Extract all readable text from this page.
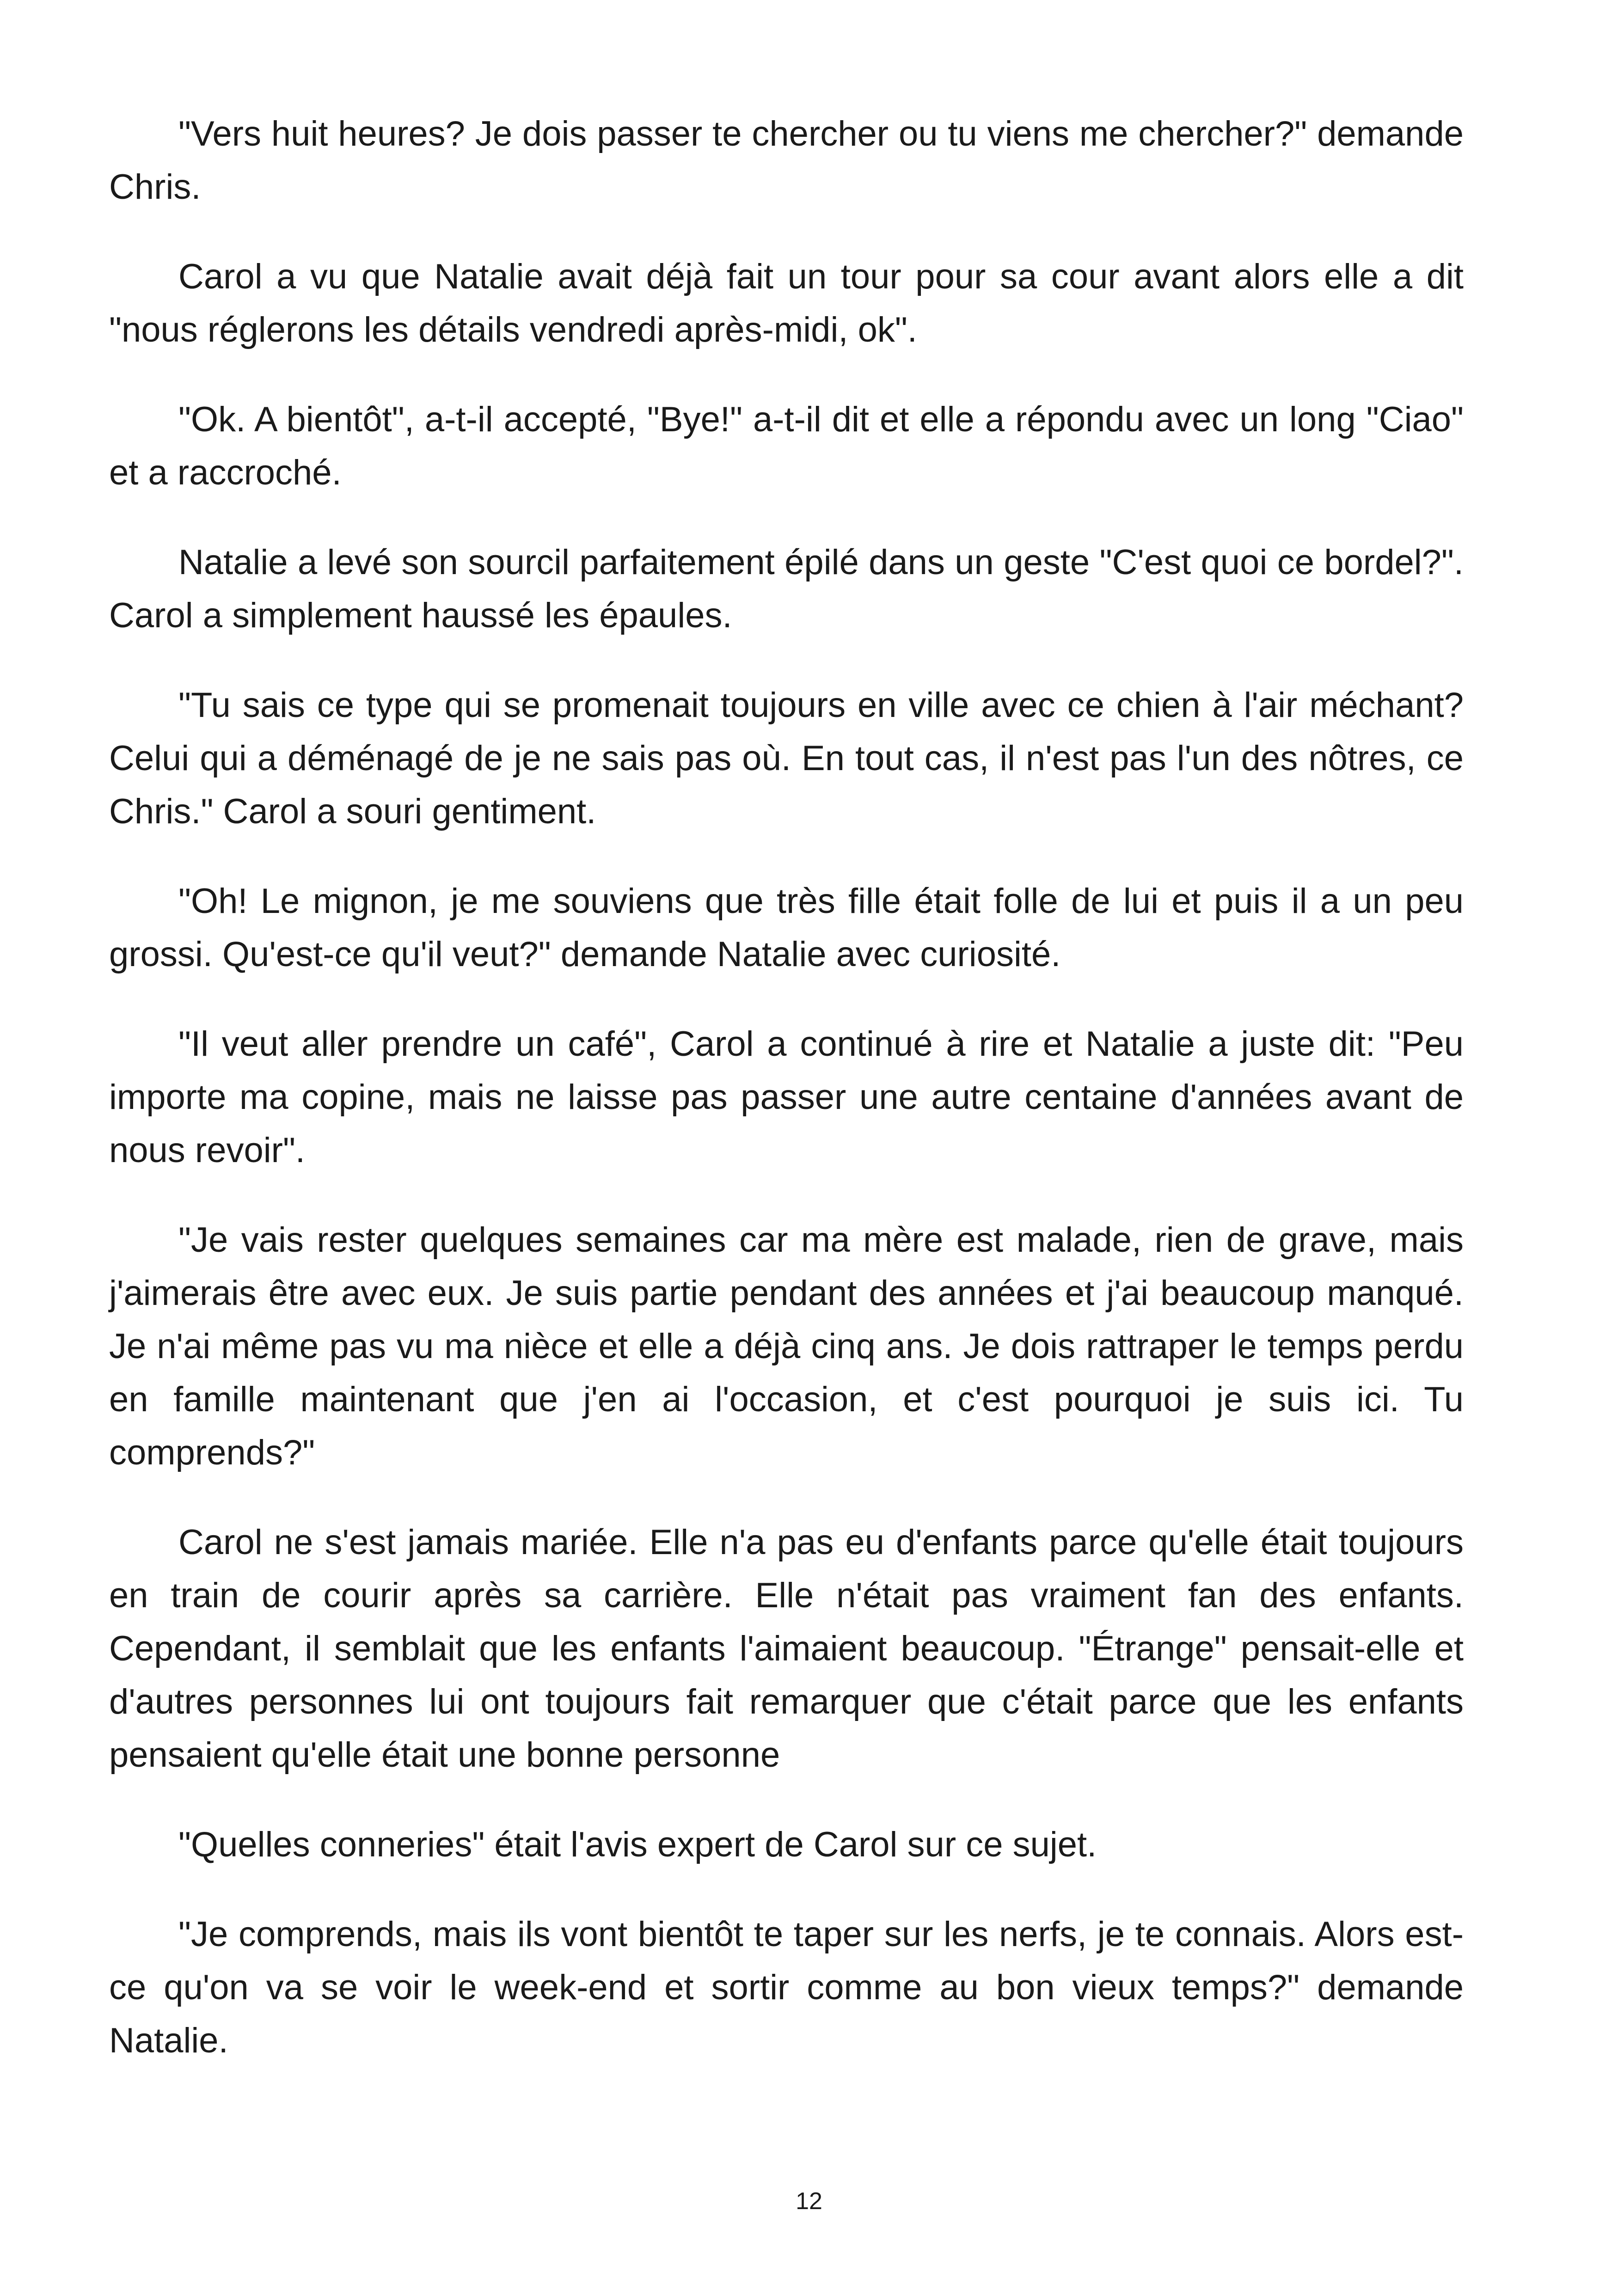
"Vers huit heures? Je dois passer te chercher ou tu viens me chercher?" demande Chris.

Carol a vu que Natalie avait déjà fait un tour pour sa cour avant alors elle a dit "nous réglerons les détails vendredi après-midi, ok".

"Ok. A bientôt", a-t-il accepté, "Bye!" a-t-il dit et elle a répondu avec un long "Ciao" et a raccroché.

Natalie a levé son sourcil parfaitement épilé dans un geste "C'est quoi ce bordel?". Carol a simplement haussé les épaules.

"Tu sais ce type qui se promenait toujours en ville avec ce chien à l'air méchant? Celui qui a déménagé de je ne sais pas où. En tout cas, il n'est pas l'un des nôtres, ce Chris." Carol a souri gentiment.

"Oh! Le mignon, je me souviens que très fille était folle de lui et puis il a un peu grossi. Qu'est-ce qu'il veut?" demande Natalie avec curiosité.

"Il veut aller prendre un café", Carol a continué à rire et Natalie a juste dit: "Peu importe ma copine, mais ne laisse pas passer une autre centaine d'années avant de nous revoir".

"Je vais rester quelques semaines car ma mère est malade, rien de grave, mais j'aimerais être avec eux. Je suis partie pendant des années et j'ai beaucoup manqué. Je n'ai même pas vu ma nièce et elle a déjà cinq ans. Je dois rattraper le temps perdu en famille maintenant que j'en ai l'occasion, et c'est pourquoi je suis ici. Tu comprends?"

Carol ne s'est jamais mariée. Elle n'a pas eu d'enfants parce qu'elle était toujours en train de courir après sa carrière. Elle n'était pas vraiment fan des enfants. Cependant, il semblait que les enfants l'aimaient beaucoup. "Étrange" pensait-elle et d'autres personnes lui ont toujours fait remarquer que c'était parce que les enfants pensaient qu'elle était une bonne personne

"Quelles conneries" était l'avis expert de Carol sur ce sujet.

"Je comprends, mais ils vont bientôt te taper sur les nerfs, je te connais. Alors est-ce qu'on va se voir le week-end et sortir comme au bon vieux temps?" demande Natalie.

12
